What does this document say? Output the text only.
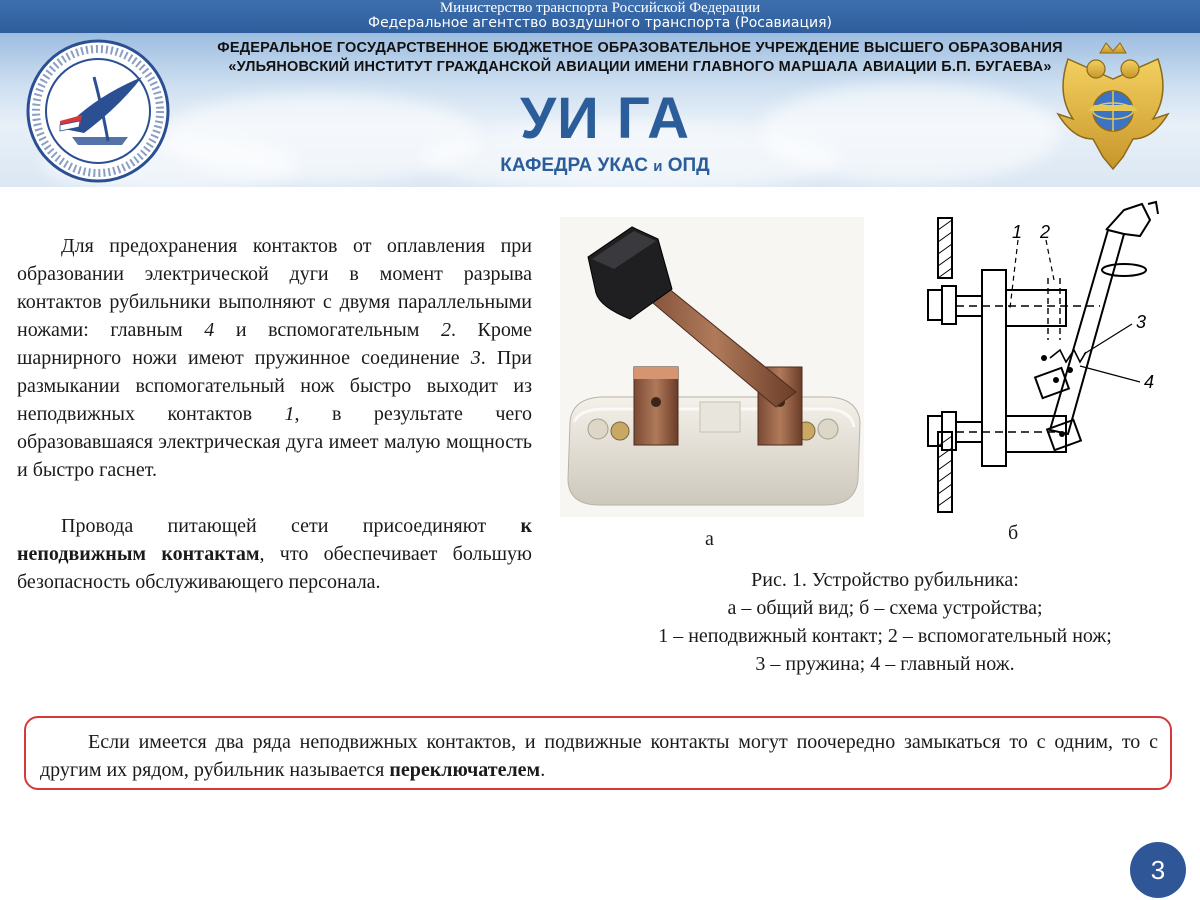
Министерство транспорта Российской Федерации
Федеральное агентство воздушного транспорта (Росавиация)
ФЕДЕРАЛЬНОЕ ГОСУДАРСТВЕННОЕ БЮДЖЕТНОЕ ОБРАЗОВАТЕЛЬНОЕ УЧРЕЖДЕНИЕ ВЫСШЕГО ОБРАЗОВАНИЯ
«УЛЬЯНОВСКИЙ ИНСТИТУТ ГРАЖДАНСКОЙ АВИАЦИИ ИМЕНИ ГЛАВНОГО МАРШАЛА АВИАЦИИ Б.П. БУГАЕВА»
УИ ГА
КАФЕДРА УКАС и ОПД
Для предохранения контактов от оплавления при образовании электрической дуги в момент разрыва контактов рубильники выполняют с двумя параллельными ножами: главным 4 и вспомогательным 2. Кроме шарнирного ножи имеют пружинное соединение 3. При размыкании вспомогательный нож быстро выходит из неподвижных контактов 1, в результате чего образовавшаяся электрическая дуга имеет малую мощность и быстро гаснет.
Провода питающей сети присоединяют к неподвижным контактам, что обеспечивает большую безопасность обслуживающего персонала.
1 2
3
4
а	б
Рис. 1. Устройство рубильника:
а – общий вид; б – схема устройства;
1 – неподвижный контакт; 2 – вспомогательный нож;
3 – пружина; 4 – главный нож.
Если имеется два ряда неподвижных контактов, и подвижные контакты могут поочередно замыкаться то с одним, то с другим их рядом, рубильник называется переключателем.
3
